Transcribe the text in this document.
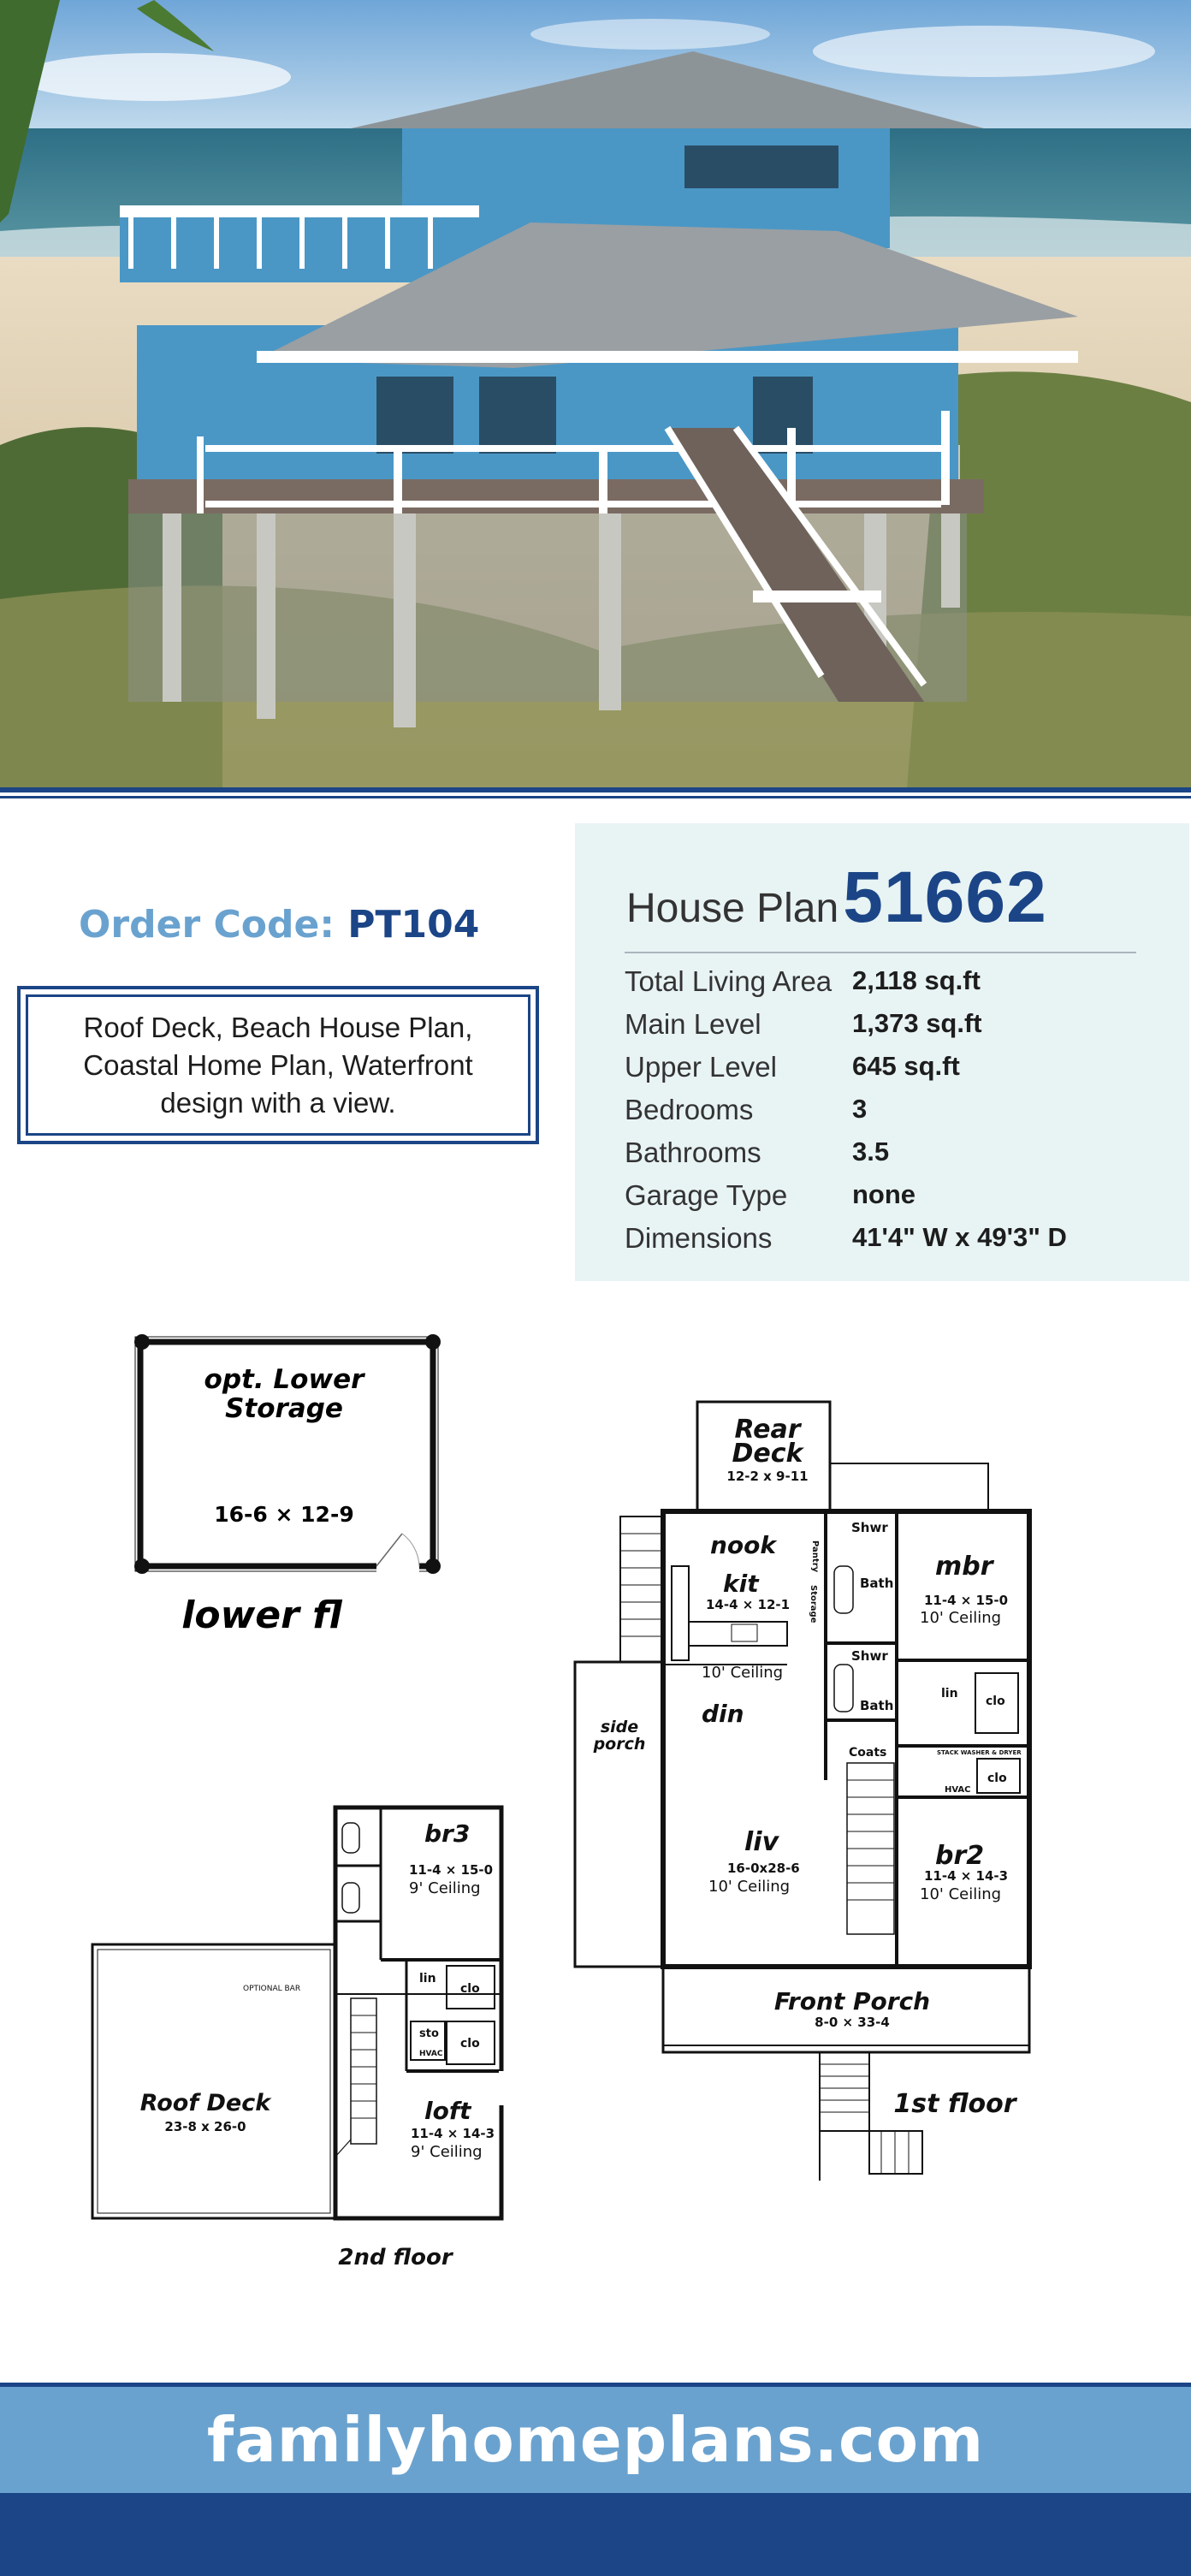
Order Code: PT104
Roof Deck, Beach House Plan, Coastal Home Plan, Waterfront design with a view.
House Plan 51662
Total Living Area 2,118 sq.ft
Main Level	1,373 sq.ft
Upper Level	645 sq.ft
Bedrooms	3
Bathrooms	3.5
Garage Type none
Dimensions	41'4" W x 49'3" D
opt. Lower
Storage
16-6 × 12-9
lower fl
Rear
Deck
12-2 x 9-11
nook
kit
14-4 × 12-1
10' Ceiling
Pantry
Storage
Shwr
Bath
Shwr
Bath
mbr
11-4 × 15-0
10' Ceiling
lin
clo
Coats	STACK WASHER & DRYER
HVAC
clo
side
porch
din
liv
16-0x28-6
10' Ceiling
br2
11-4 × 14-3
10' Ceiling
Front Porch
8-0 × 33-4
1st floor
br3
11-4 × 15-0
9' Ceiling
OPTIONAL BAR
lin
clo
sto
HVAC
clo
Roof Deck
23-8 x 26-0
loft
11-4 × 14-3
9' Ceiling
2nd floor
familyhomeplans.com
